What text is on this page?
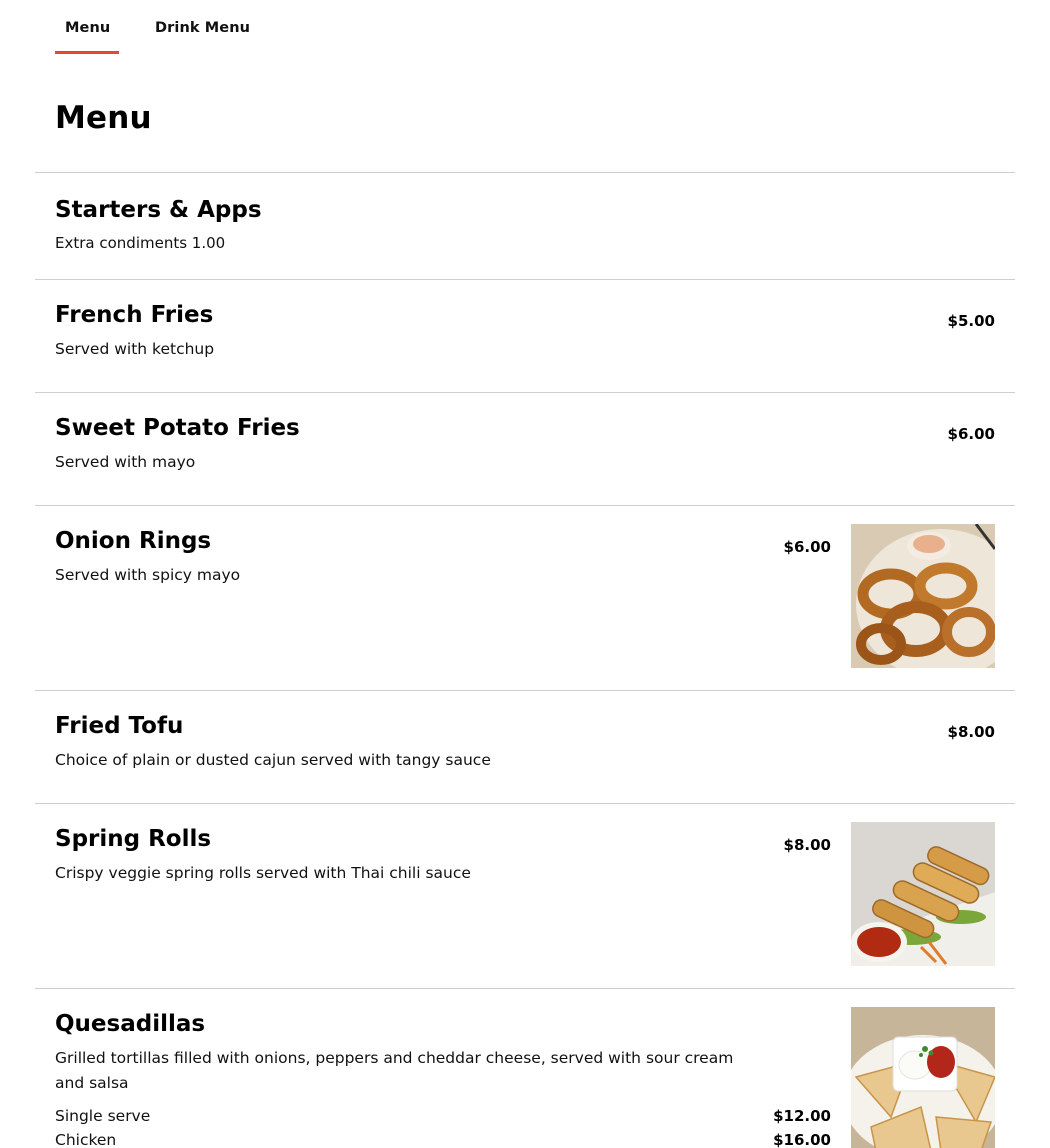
Menu	Drink Menu
Menu
Starters & Apps
Extra condiments 1.00
French Fries
Served with ketchup
$5.00
Sweet Potato Fries
Served with mayo
$6.00
Onion Rings
Served with spicy mayo
$6.00
Fried Tofu
Choice of plain or dusted cajun served with tangy sauce
$8.00
Spring Rolls
Crispy veggie spring rolls served with Thai chili sauce
$8.00
Quesadillas
Grilled tortillas filled with onions, peppers and cheddar cheese, served with sour cream and salsa
Single serve	$12.00
Chicken	$16.00
